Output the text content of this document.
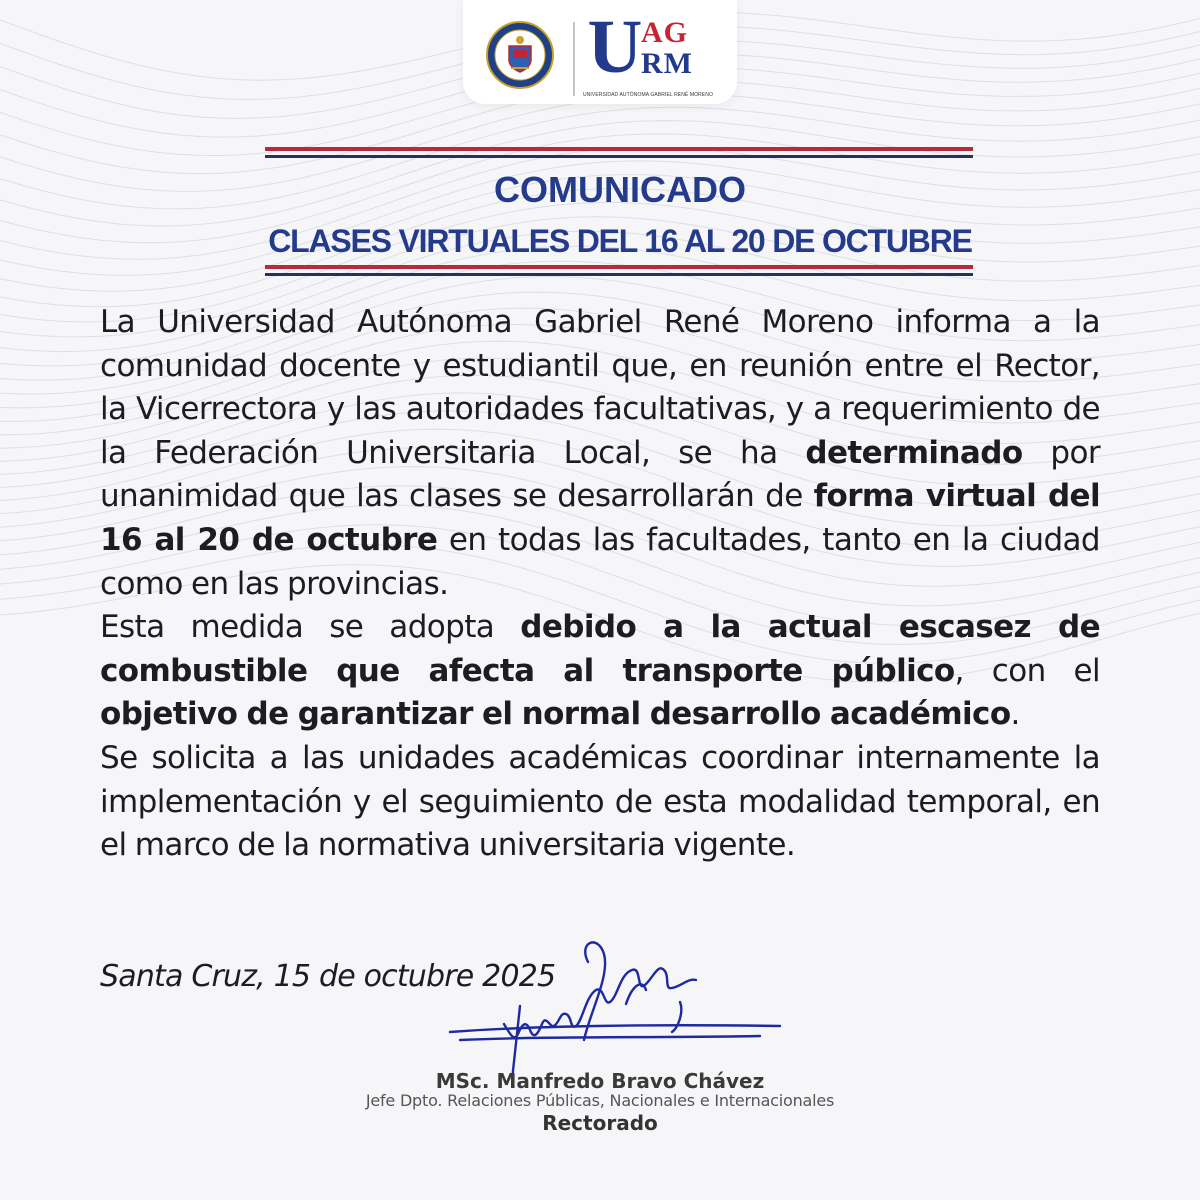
U
AG
RM
UNIVERSIDAD AUTÓNOMA GABRIEL RENÉ MORENO
COMUNICADO
CLASES VIRTUALES DEL 16 AL 20 DE OCTUBRE

La Universidad Autónoma Gabriel René Moreno informa a la comunidad docente y estudiantil que, en reunión entre el Rector, la Vicerrectora y las autoridades facultativas, y a requerimiento de la Federación Universitaria Local, se ha determinado por unanimidad que las clases se desarrollarán de forma virtual del 16 al 20 de octubre en todas las facultades, tanto en la ciudad como en las provincias.

Esta medida se adopta debido a la actual escasez de combustible que afecta al transporte público, con el objetivo de garantizar el normal desarrollo académico.

Se solicita a las unidades académicas coordinar internamente la implementación y el seguimiento de esta modalidad temporal, en el marco de la normativa universitaria vigente.

Santa Cruz, 15 de octubre 2025
MSc. Manfredo Bravo Chávez
Jefe Dpto. Relaciones Públicas, Nacionales e Internacionales
Rectorado
